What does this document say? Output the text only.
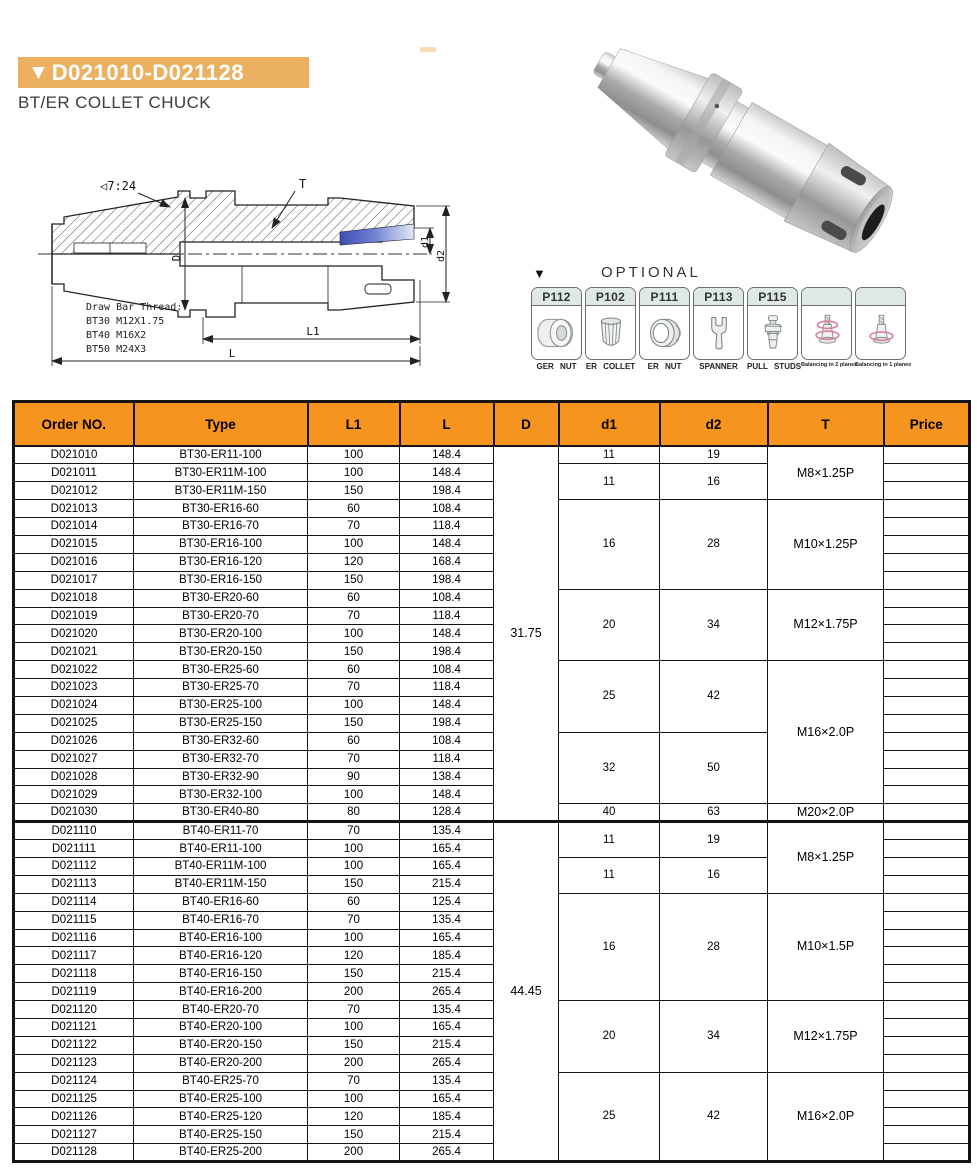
▼ D021010-D021128
BT/ER COLLET CHUCK
D
T
◁7:24
L1
L
d1
d2
Draw Bar Thread:
BT30 M12X1.75
BT40 M16X2
BT50 M24X3
▼	OPTIONAL
P112	P102	P111	P113	P115
GER NUT	ER COLLET	ER NUT	SPANNER	PULL STUDS Balancing in 2 planes
Balancing in 1 planes
Order NO.	Type	L1	L	D	d1	d2	T	Price
D021010	BT30-ER11-100	100	148.4	31.75	11	19	M8×1.25P	
D021011	BT30-ER11M-100	100	148.4		11	16		
D021012	BT30-ER11M-150	150	198.4					
D021013	BT30-ER16-60	60	108.4		16	28	M10×1.25P	
D021014	BT30-ER16-70	70	118.4					
D021015	BT30-ER16-100	100	148.4					
D021016	BT30-ER16-120	120	168.4					
D021017	BT30-ER16-150	150	198.4					
D021018	BT30-ER20-60	60	108.4		20	34	M12×1.75P	
D021019	BT30-ER20-70	70	118.4					
D021020	BT30-ER20-100	100	148.4					
D021021	BT30-ER20-150	150	198.4					
D021022	BT30-ER25-60	60	108.4		25	42	M16×2.0P	
D021023	BT30-ER25-70	70	118.4					
D021024	BT30-ER25-100	100	148.4					
D021025	BT30-ER25-150	150	198.4					
D021026	BT30-ER32-60	60	108.4		32	50		
D021027	BT30-ER32-70	70	118.4					
D021028	BT30-ER32-90	90	138.4					
D021029	BT30-ER32-100	100	148.4					
D021030	BT30-ER40-80	80	128.4		40	63	M20×2.0P	
D021110	BT40-ER11-70	70	135.4	44.45	11	19	M8×1.25P	
D021111	BT40-ER11-100	100	165.4					
D021112	BT40-ER11M-100	100	165.4		11	16		
D021113	BT40-ER11M-150	150	215.4					
D021114	BT40-ER16-60	60	125.4		16	28	M10×1.5P	
D021115	BT40-ER16-70	70	135.4					
D021116	BT40-ER16-100	100	165.4					
D021117	BT40-ER16-120	120	185.4					
D021118	BT40-ER16-150	150	215.4					
D021119	BT40-ER16-200	200	265.4					
D021120	BT40-ER20-70	70	135.4		20	34	M12×1.75P	
D021121	BT40-ER20-100	100	165.4					
D021122	BT40-ER20-150	150	215.4					
D021123	BT40-ER20-200	200	265.4					
D021124	BT40-ER25-70	70	135.4		25	42	M16×2.0P	
D021125	BT40-ER25-100	100	165.4					
D021126	BT40-ER25-120	120	185.4					
D021127	BT40-ER25-150	150	215.4					
D021128	BT40-ER25-200	200	265.4					
